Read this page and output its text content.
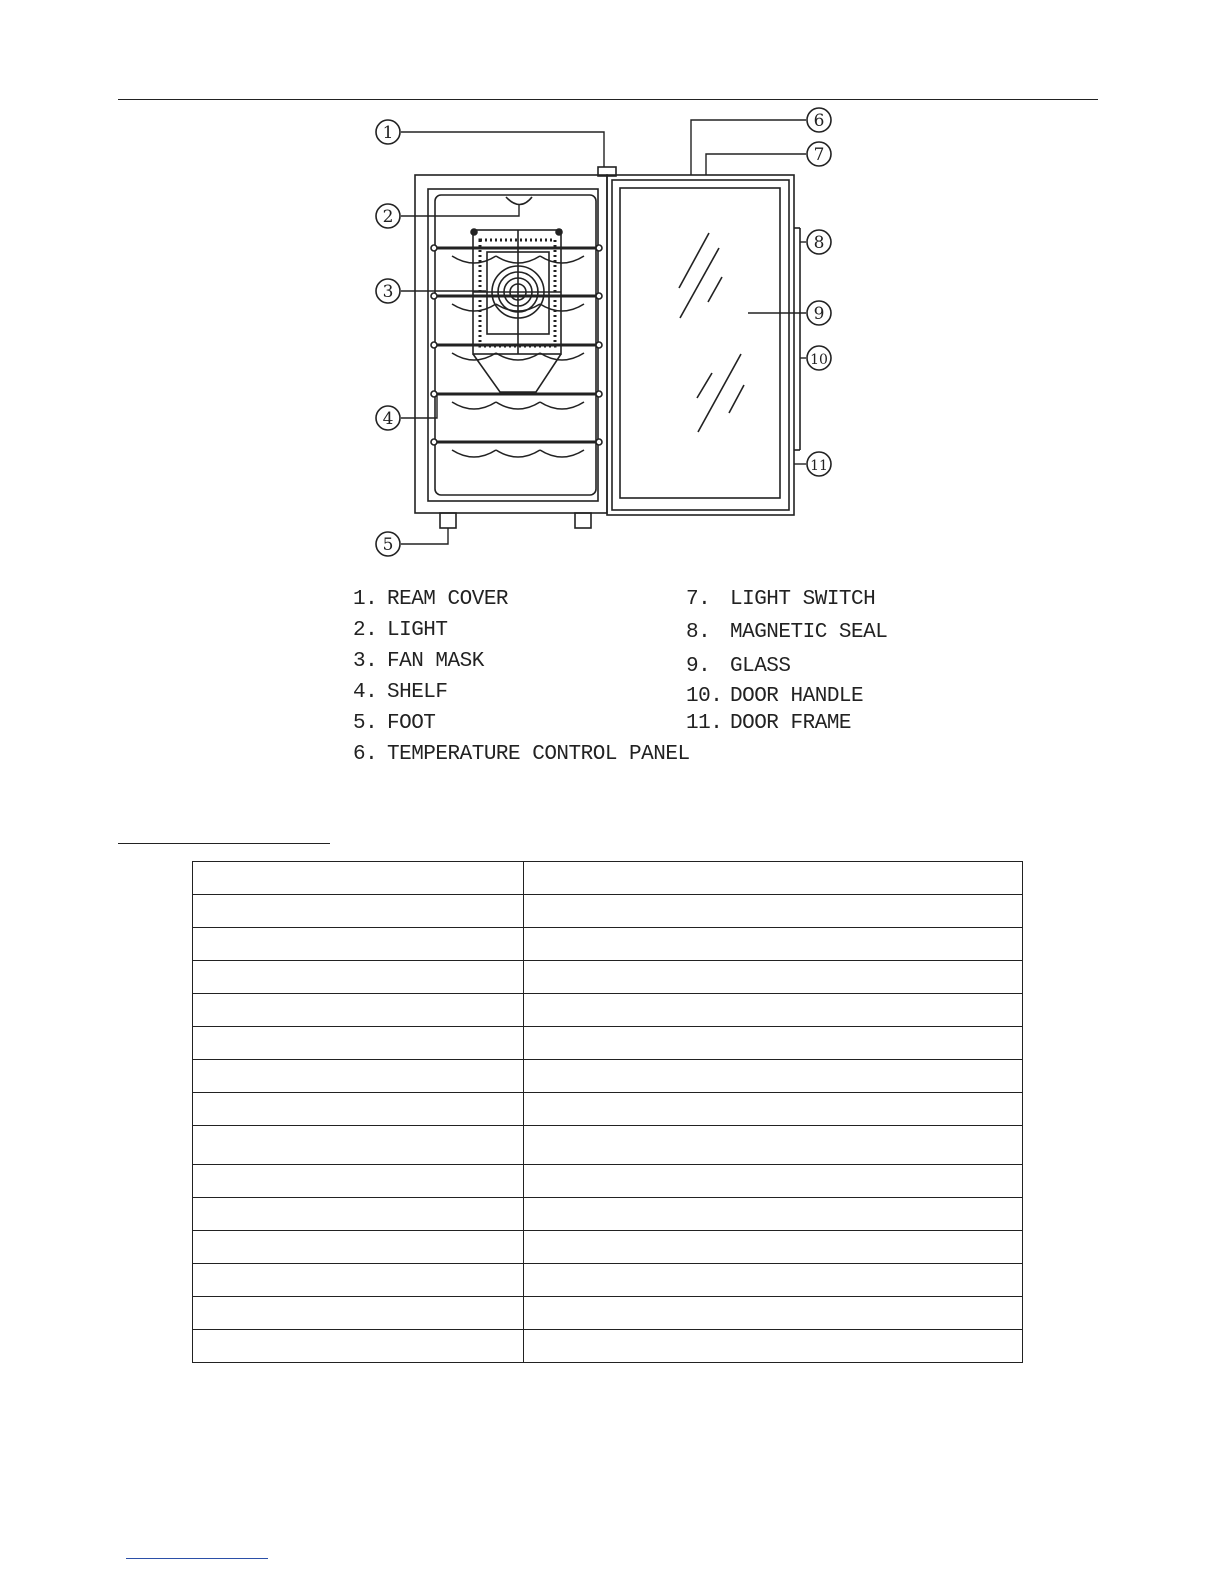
1
2
3
4
5
6
7
8
9
10
11
1. REAM COVER
2. LIGHT
3. FAN MASK
4. SHELF
5. FOOT
6. TEMPERATURE CONTROL PANEL
7. LIGHT SWITCH
8. MAGNETIC SEAL
9. GLASS
10. DOOR HANDLE
11. DOOR FRAME
